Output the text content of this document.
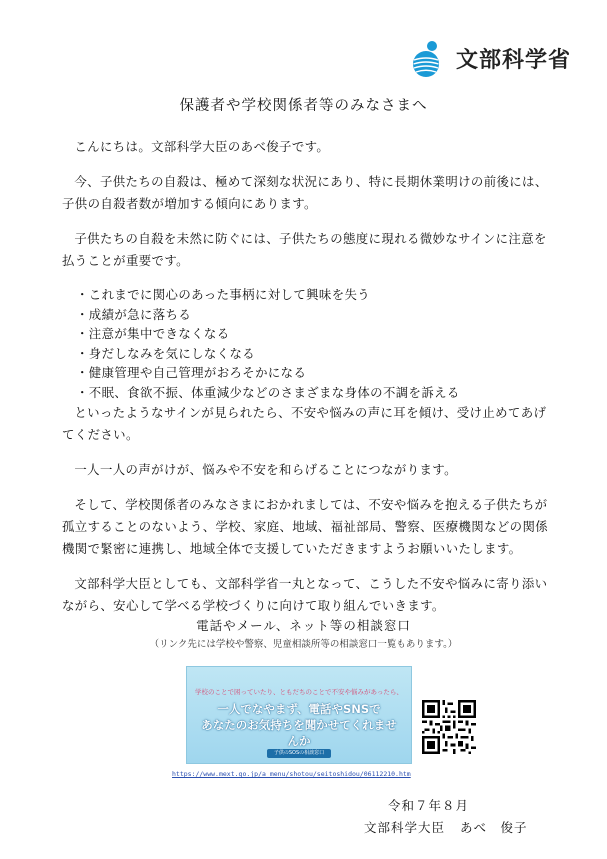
文部科学省
保護者や学校関係者等のみなさまへ

こんにちは。文部科学大臣のあべ俊子です。

今、子供たちの自殺は、極めて深刻な状況にあり、特に長期休業明けの前後には、子供の自殺者数が増加する傾向にあります。

子供たちの自殺を未然に防ぐには、子供たちの態度に現れる微妙なサインに注意を払うことが重要です。

・これまでに関心のあった事柄に対して興味を失う
・成績が急に落ちる
・注意が集中できなくなる
・身だしなみを気にしなくなる
・健康管理や自己管理がおろそかになる
・不眠、食欲不振、体重減少などのさまざまな身体の不調を訴える

といったようなサインが見られたら、不安や悩みの声に耳を傾け、受け止めてあげてください。

一人一人の声がけが、悩みや不安を和らげることにつながります。

そして、学校関係者のみなさまにおかれましては、不安や悩みを抱える子供たちが孤立することのないよう、学校、家庭、地域、福祉部局、警察、医療機関などの関係機関で緊密に連携し、地域全体で支援していただきますようお願いいたします。

文部科学大臣としても、文部科学省一丸となって、こうした不安や悩みに寄り添いながら、安心して学べる学校づくりに向けて取り組んでいきます。

電話やメール、ネット等の相談窓口
（リンク先には学校や警察、児童相談所等の相談窓口一覧もあります。）
学校のことで困っていたり、ともだちのことで不安や悩みがあったら、
一人でなやまず、電話やSNSで
あなたのお気持ちを聞かせてくれませんか
子供のSOSの相談窓口
https://www.mext.go.jp/a_menu/shotou/seitoshidou/06112210.htm
令和７年８月
文部科学大臣 あべ　俊子
